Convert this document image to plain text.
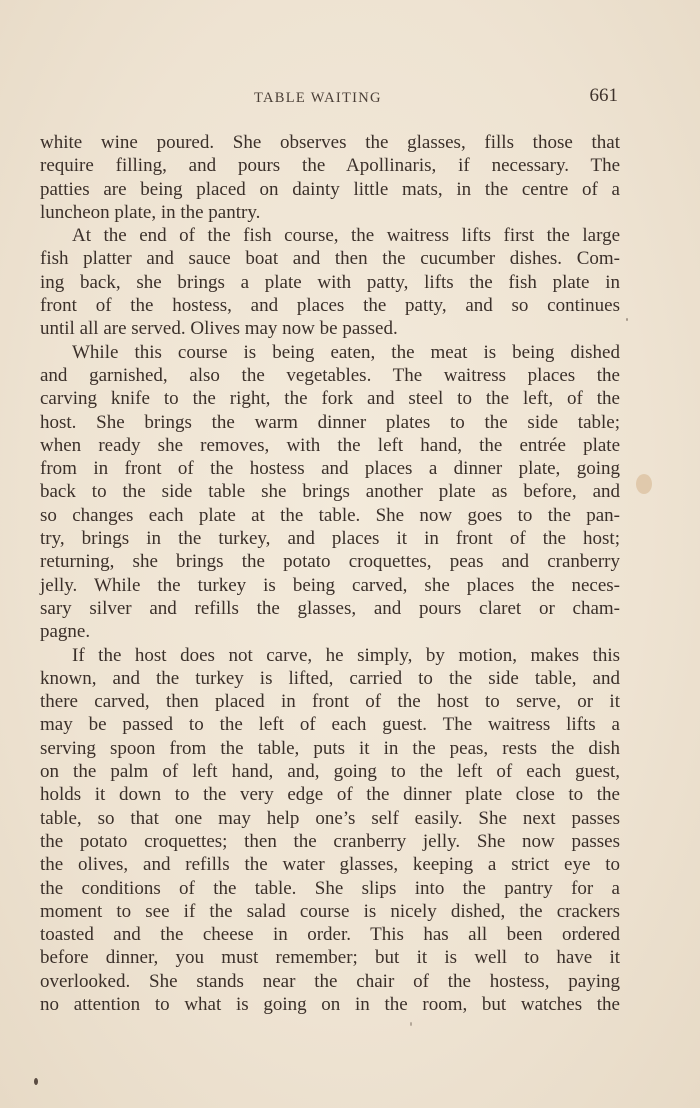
TABLE WAITING	661
white wine poured. She observes the glasses, fills those that
require filling, and pours the Apollinaris, if necessary. The
patties are being placed on dainty little mats, in the centre of a
luncheon plate, in the pantry.
At the end of the fish course, the waitress lifts first the large
fish platter and sauce boat and then the cucumber dishes. Com-
ing back, she brings a plate with patty, lifts the fish plate in
front of the hostess, and places the patty, and so continues
until all are served. Olives may now be passed.
While this course is being eaten, the meat is being dished
and garnished, also the vegetables. The waitress places the
carving knife to the right, the fork and steel to the left, of the
host. She brings the warm dinner plates to the side table;
when ready she removes, with the left hand, the entrée plate
from in front of the hostess and places a dinner plate, going
back to the side table she brings another plate as before, and
so changes each plate at the table. She now goes to the pan-
try, brings in the turkey, and places it in front of the host;
returning, she brings the potato croquettes, peas and cranberry
jelly. While the turkey is being carved, she places the neces-
sary silver and refills the glasses, and pours claret or cham-
pagne.
If the host does not carve, he simply, by motion, makes this
known, and the turkey is lifted, carried to the side table, and
there carved, then placed in front of the host to serve, or it
may be passed to the left of each guest. The waitress lifts a
serving spoon from the table, puts it in the peas, rests the dish
on the palm of left hand, and, going to the left of each guest,
holds it down to the very edge of the dinner plate close to the
table, so that one may help one’s self easily. She next passes
the potato croquettes; then the cranberry jelly. She now passes
the olives, and refills the water glasses, keeping a strict eye to
the conditions of the table. She slips into the pantry for a
moment to see if the salad course is nicely dished, the crackers
toasted and the cheese in order. This has all been ordered
before dinner, you must remember; but it is well to have it
overlooked. She stands near the chair of the hostess, paying
no attention to what is going on in the room, but watches the
